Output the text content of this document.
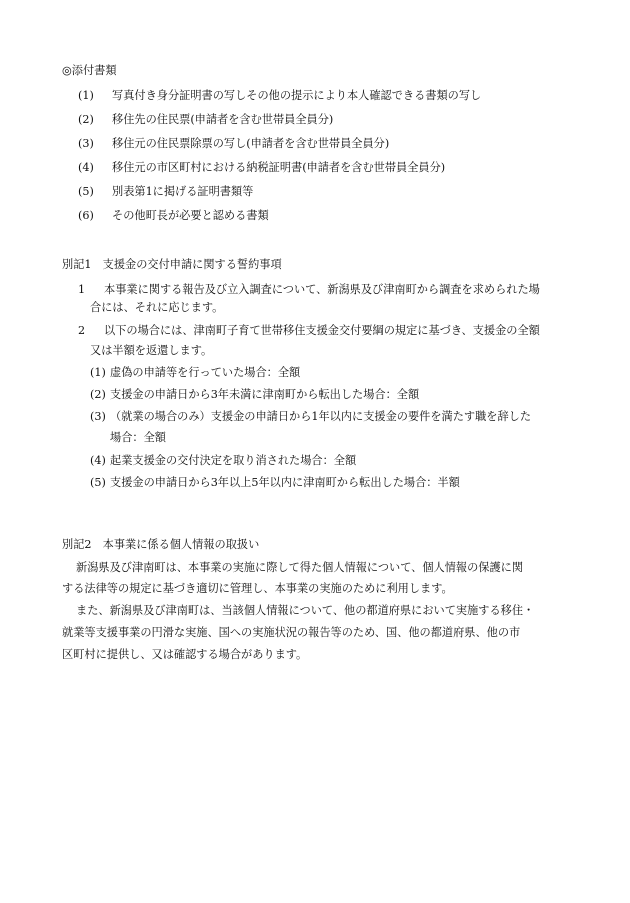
◎添付書類
(1) 写真付き身分証明書の写しその他の提示により本人確認できる書類の写し
(2) 移住先の住民票(申請者を含む世帯員全員分)
(3) 移住元の住民票除票の写し(申請者を含む世帯員全員分)
(4) 移住元の市区町村における納税証明書(申請者を含む世帯員全員分)
(5) 別表第1に掲げる証明書類等
(6) その他町長が必要と認める書類
別記1　支援金の交付申請に関する誓約事項
1 本事業に関する報告及び立入調査について、新潟県及び津南町から調査を求められた場
合には、それに応じます。
2 以下の場合には、津南町子育て世帯移住支援金交付要綱の規定に基づき、支援金の全額
又は半額を返還します。
(1) 虚偽の申請等を行っていた場合：全額
(2) 支援金の申請日から3年未満に津南町から転出した場合：全額
(3) （就業の場合のみ）支援金の申請日から1年以内に支援金の要件を満たす職を辞した
場合：全額
(4) 起業支援金の交付決定を取り消された場合：全額
(5) 支援金の申請日から3年以上5年以内に津南町から転出した場合：半額
別記2　本事業に係る個人情報の取扱い
新潟県及び津南町は、本事業の実施に際して得た個人情報について、個人情報の保護に関
する法律等の規定に基づき適切に管理し、本事業の実施のために利用します。
また、新潟県及び津南町は、当該個人情報について、他の都道府県において実施する移住・
就業等支援事業の円滑な実施、国への実施状況の報告等のため、国、他の都道府県、他の市
区町村に提供し、又は確認する場合があります。
